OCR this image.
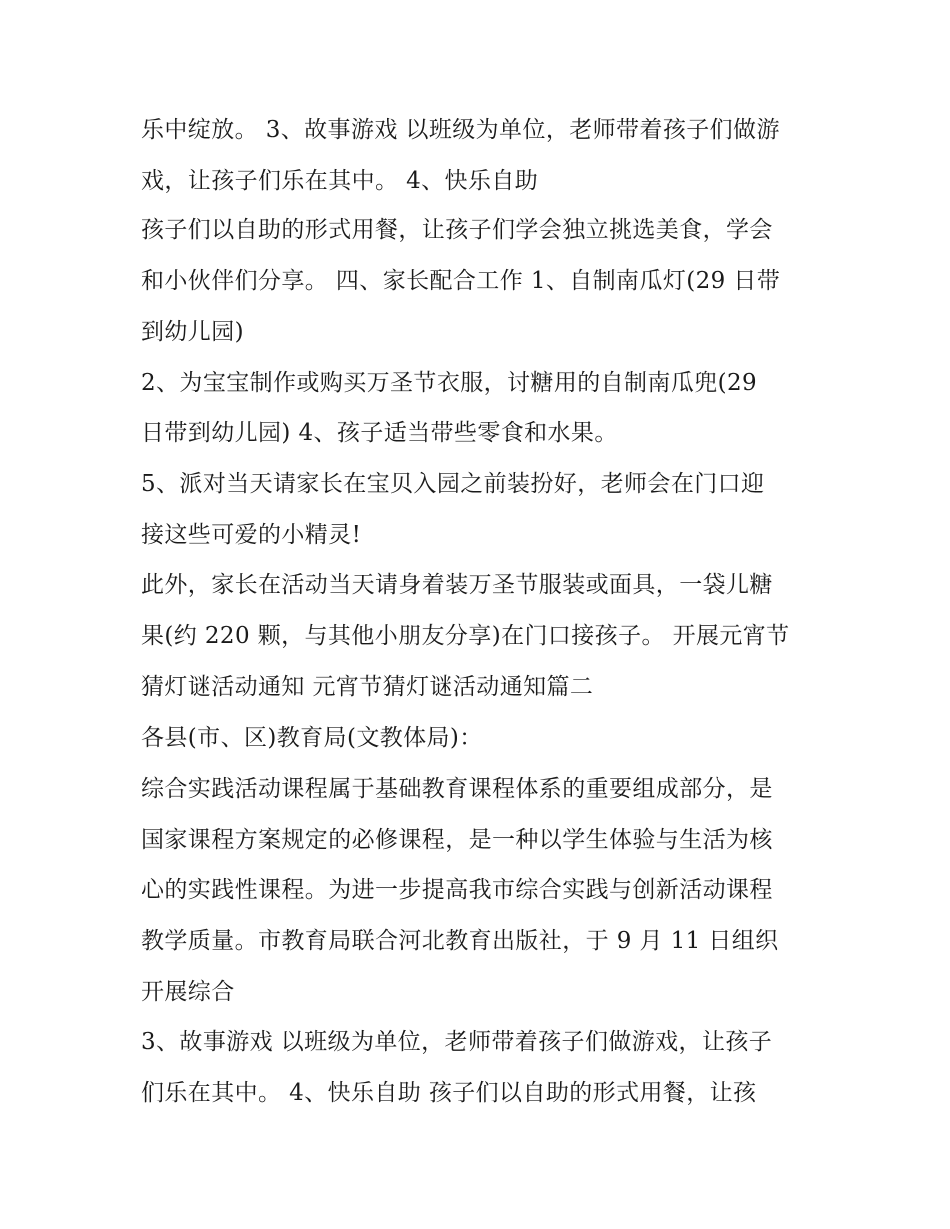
乐中绽放。 3、故事游戏 以班级为单位，老师带着孩子们做游
戏，让孩子们乐在其中。 4、快乐自助
孩子们以自助的形式用餐，让孩子们学会独立挑选美食，学会
和小伙伴们分享。 四、家长配合工作 1、自制南瓜灯(29 日带
到幼儿园)
2、为宝宝制作或购买万圣节衣服，讨糖用的自制南瓜兜(29
日带到幼儿园) 4、孩子适当带些零食和水果。
5、派对当天请家长在宝贝入园之前装扮好，老师会在门口迎
接这些可爱的小精灵!
此外，家长在活动当天请身着装万圣节服装或面具，一袋儿糖
果(约 220 颗，与其他小朋友分享)在门口接孩子。 开展元宵节
猜灯谜活动通知 元宵节猜灯谜活动通知篇二
各县(市、区)教育局(文教体局)：
综合实践活动课程属于基础教育课程体系的重要组成部分，是
国家课程方案规定的必修课程，是一种以学生体验与生活为核
心的实践性课程。为进一步提高我市综合实践与创新活动课程
教学质量。市教育局联合河北教育出版社，于 9 月 11 日组织
开展综合
3、故事游戏 以班级为单位，老师带着孩子们做游戏，让孩子
们乐在其中。 4、快乐自助 孩子们以自助的形式用餐，让孩
